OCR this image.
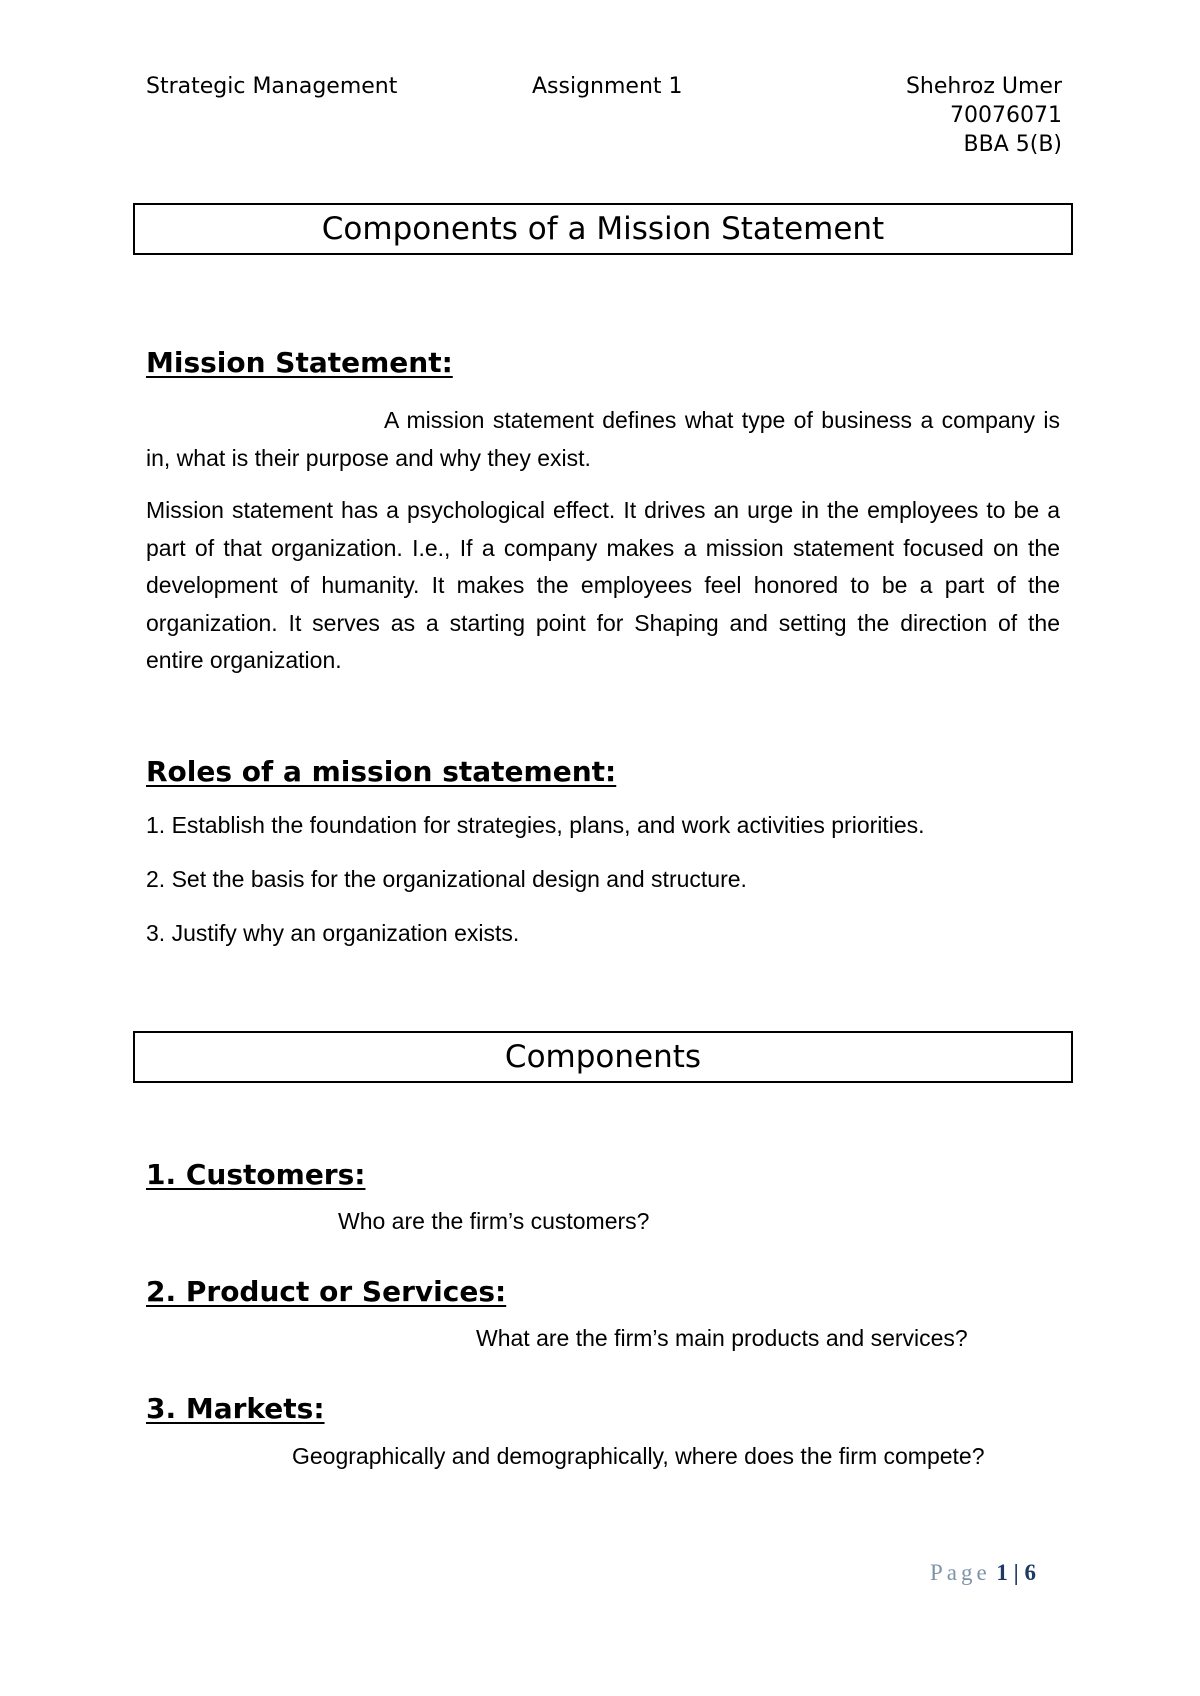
Strategic Management	Assignment 1	Shehroz Umer
70076071
BBA 5(B)
Components of a Mission Statement
Mission Statement:

A mission statement defines what type of business a company is in, what is their purpose and why they exist.

Mission statement has a psychological effect. It drives an urge in the employees to be a part of that organization. I.e., If a company makes a mission statement focused on the development of humanity. It makes the employees feel honored to be a part of the organization. It serves as a starting point for Shaping and setting the direction of the entire organization.

Roles of a mission statement:

1. Establish the foundation for strategies, plans, and work activities priorities.

2. Set the basis for the organizational design and structure.

3. Justify why an organization exists.

Components
1. Customers:

Who are the firm’s customers?

2. Product or Services:

What are the firm’s main products and services?

3. Markets:

Geographically and demographically, where does the firm compete?

Page 1 | 6
